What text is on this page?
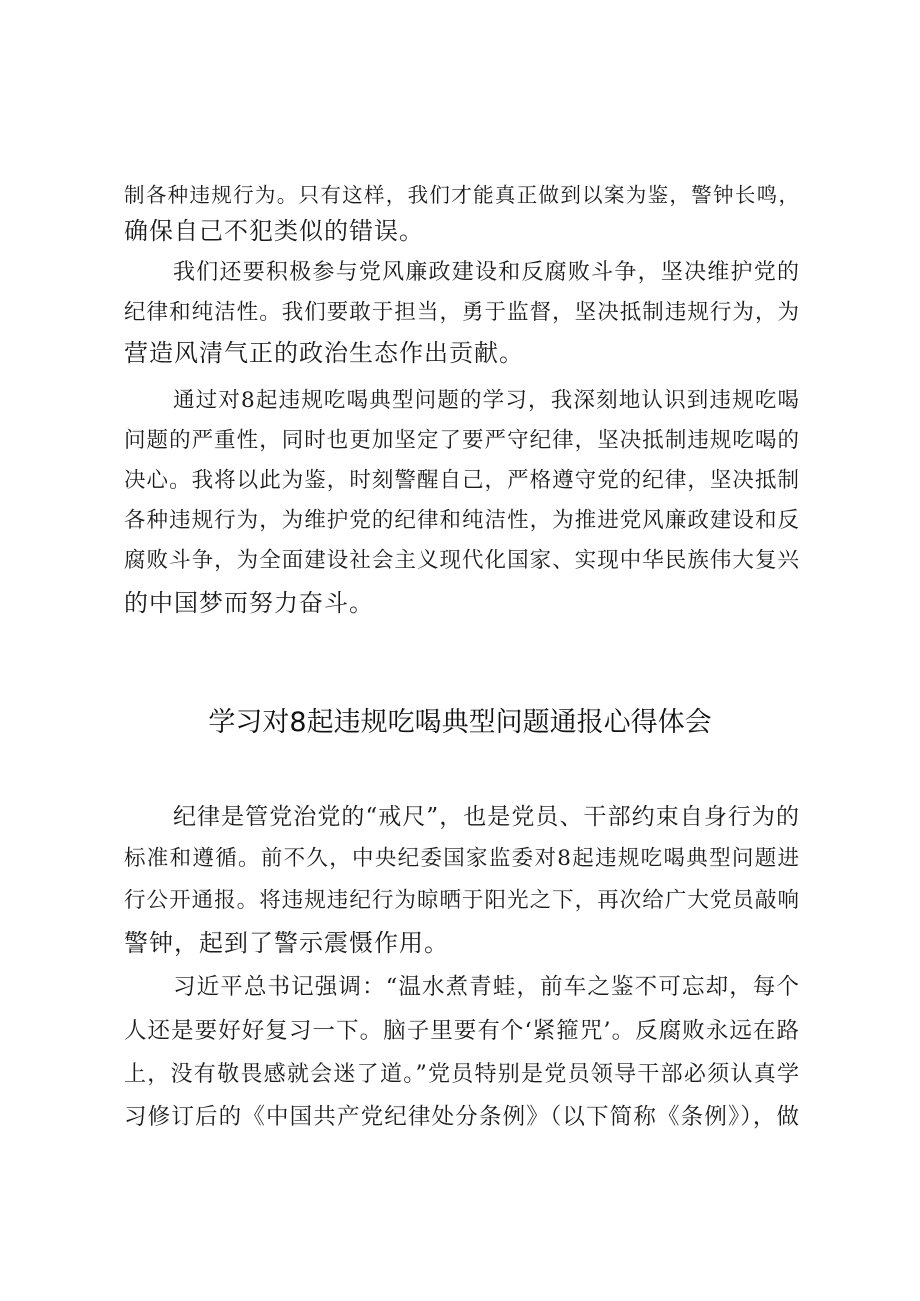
制各种违规行为。只有这样，我们才能真正做到以案为鉴，警钟长鸣，
确保自己不犯类似的错误。
我们还要积极参与党风廉政建设和反腐败斗争，坚决维护党的
纪律和纯洁性。我们要敢于担当，勇于监督，坚决抵制违规行为，为
营造风清气正的政治生态作出贡献。
通过对8起违规吃喝典型问题的学习，我深刻地认识到违规吃喝
问题的严重性，同时也更加坚定了要严守纪律，坚决抵制违规吃喝的
决心。我将以此为鉴，时刻警醒自己，严格遵守党的纪律，坚决抵制
各种违规行为，为维护党的纪律和纯洁性，为推进党风廉政建设和反
腐败斗争，为全面建设社会主义现代化国家、实现中华民族伟大复兴
的中国梦而努力奋斗。
学习对8起违规吃喝典型问题通报心得体会
纪律是管党治党的“戒尺”，也是党员、干部约束自身行为的
标准和遵循。前不久，中央纪委国家监委对8起违规吃喝典型问题进
行公开通报。将违规违纪行为晾晒于阳光之下，再次给广大党员敲响
警钟，起到了警示震慑作用。
习近平总书记强调：“温水煮青蛙，前车之鉴不可忘却，每个
人还是要好好复习一下。脑子里要有个‘紧箍咒’。反腐败永远在路
上，没有敬畏感就会迷了道。”党员特别是党员领导干部必须认真学
习修订后的《中国共产党纪律处分条例》（以下简称《条例》），做
